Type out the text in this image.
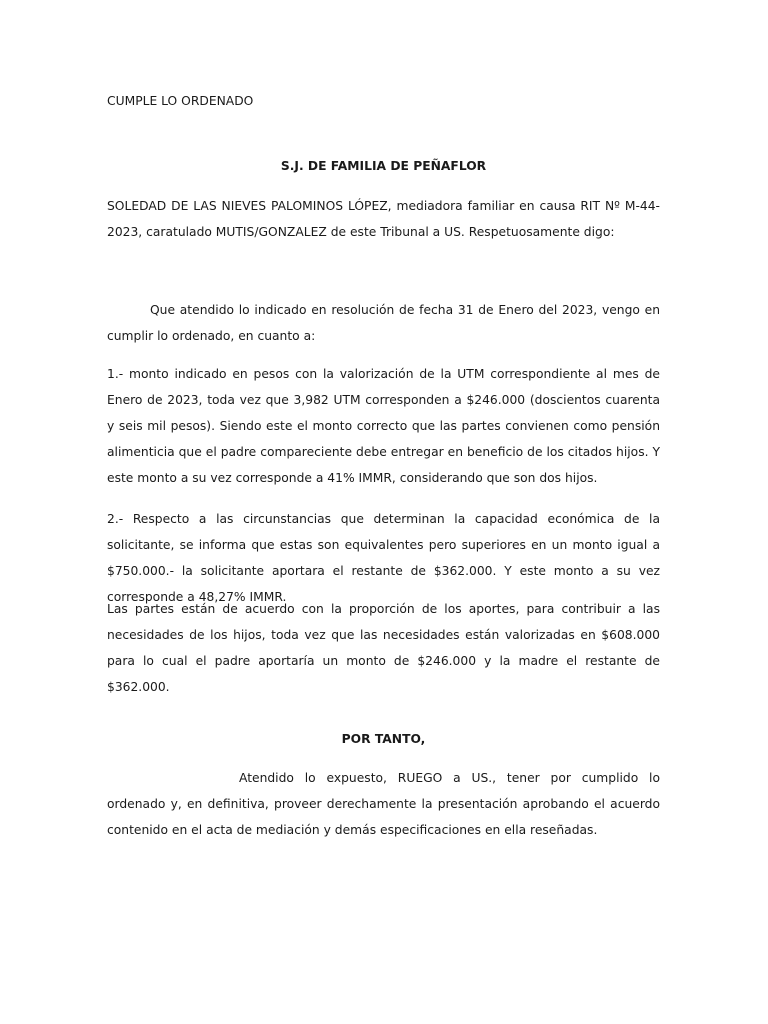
CUMPLE LO ORDENADO

S.J. DE FAMILIA DE PEÑAFLOR

SOLEDAD DE LAS NIEVES PALOMINOS LÓPEZ, mediadora familiar en causa RIT Nº M-44-2023, caratulado MUTIS/GONZALEZ de este Tribunal a US. Respetuosamente digo:

Que atendido lo indicado en resolución de fecha 31 de Enero del 2023, vengo en cumplir lo ordenado, en cuanto a:

1.- monto indicado en pesos con la valorización de la UTM correspondiente al mes de Enero de 2023, toda vez que 3,982 UTM corresponden a $246.000 (doscientos cuarenta y seis mil pesos). Siendo este el monto correcto que las partes convienen como pensión alimenticia que el padre compareciente debe entregar en beneficio de los citados hijos. Y este monto a su vez corresponde a 41% IMMR, considerando que son dos hijos.

2.- Respecto a las circunstancias que determinan la capacidad económica de la solicitante, se informa que estas son equivalentes pero superiores en un monto igual a $750.000.- la solicitante aportara el restante de $362.000. Y este monto a su vez corresponde a 48,27% IMMR.

Las partes están de acuerdo con la proporción de los aportes, para contribuir a las necesidades de los hijos, toda vez que las necesidades están valorizadas en $608.000 para lo cual el padre aportaría un monto de $246.000 y la madre el restante de $362.000.

POR TANTO,

Atendido lo expuesto, RUEGO a US., tener por cumplido lo ordenado y, en definitiva, proveer derechamente la presentación aprobando el acuerdo contenido en el acta de mediación y demás especificaciones en ella reseñadas.
